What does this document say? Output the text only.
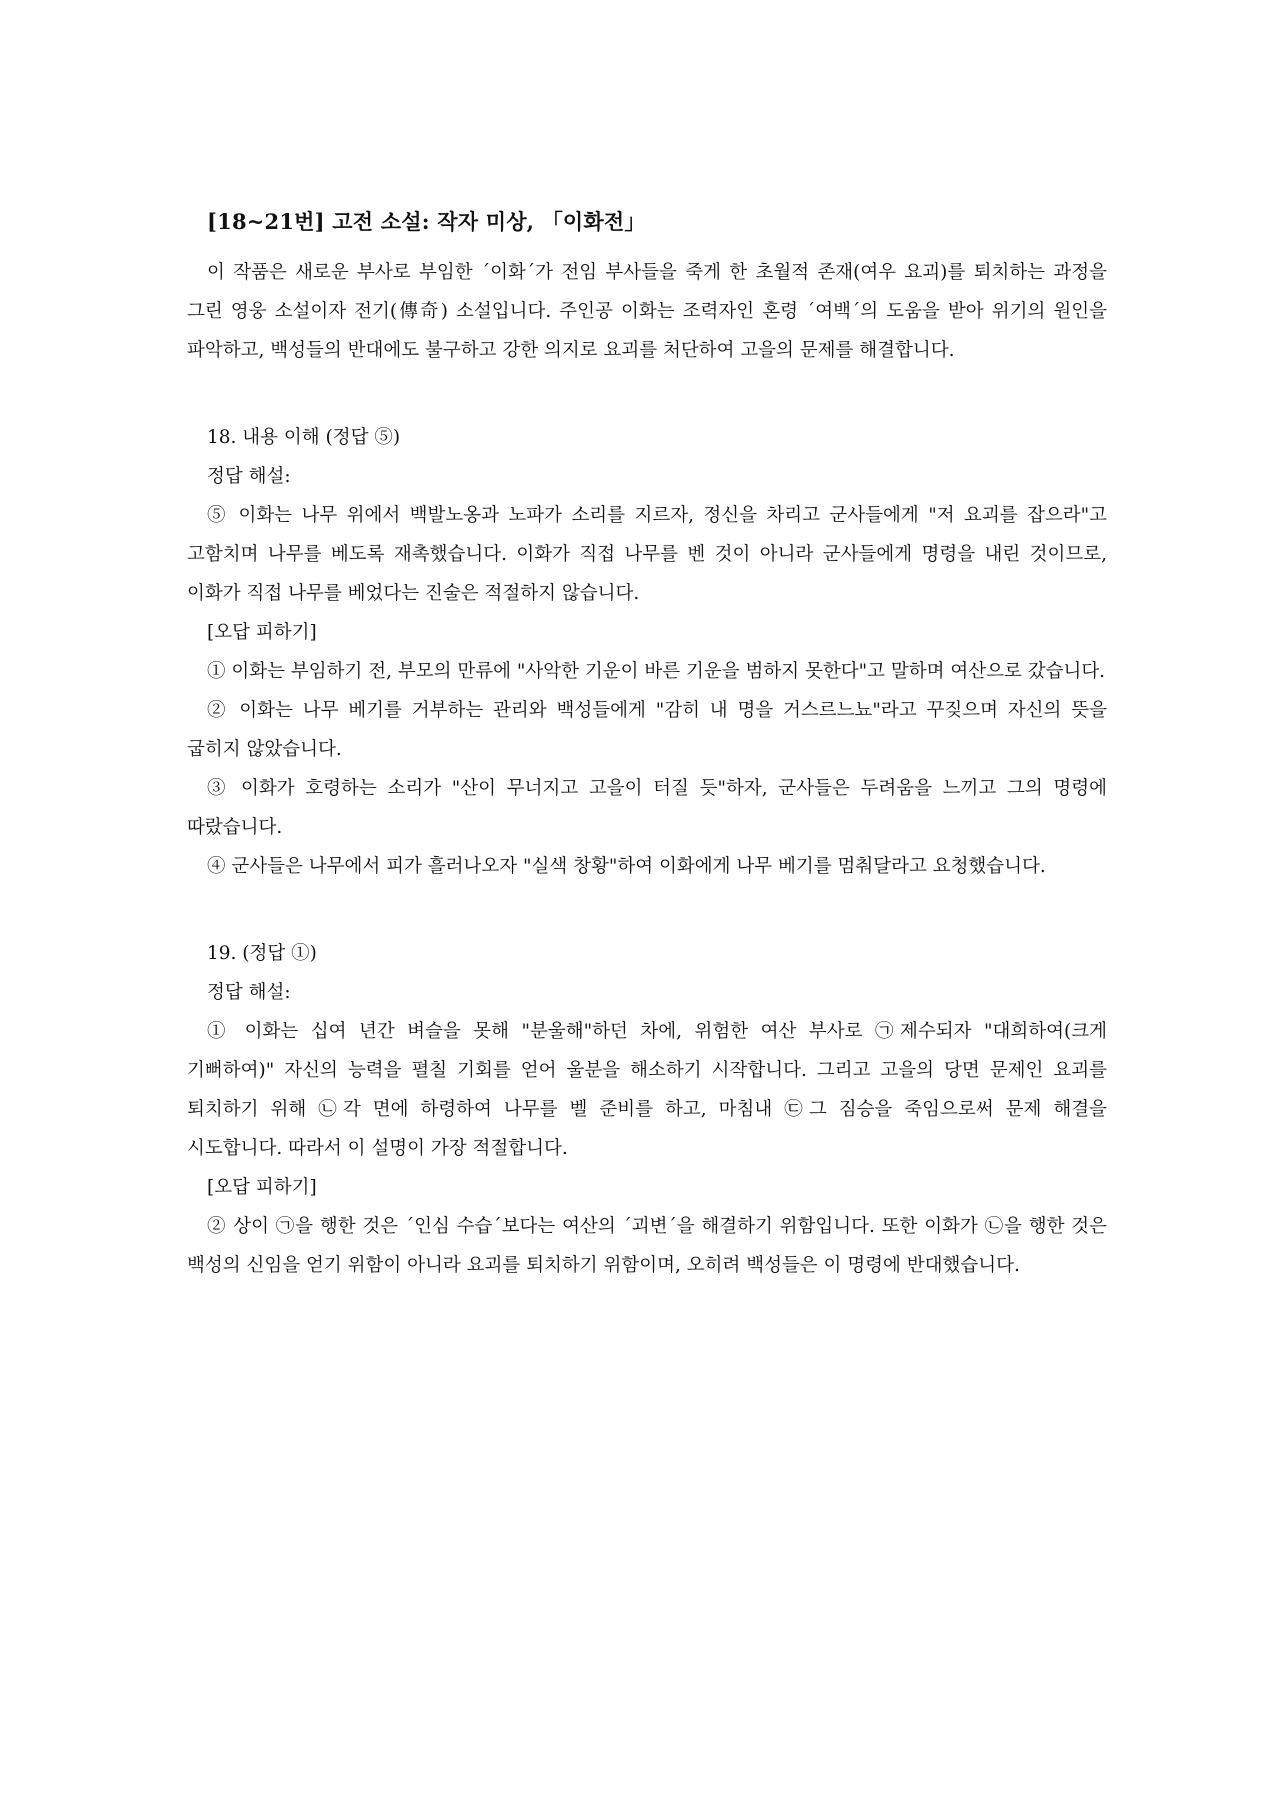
[18~21번] 고전 소설: 작자 미상, 「이화전」

이 작품은 새로운 부사로 부임한 ´이화´가 전임 부사들을 죽게 한 초월적 존재(여우 요괴)를 퇴치하는 과정을 그린 영웅 소설이자 전기(傳奇) 소설입니다. 주인공 이화는 조력자인 혼령 ´여백´의 도움을 받아 위기의 원인을 파악하고, 백성들의 반대에도 불구하고 강한 의지로 요괴를 처단하여 고을의 문제를 해결합니다.

18. 내용 이해 (정답 ⑤)
정답 해설:

⑤ 이화는 나무 위에서 백발노옹과 노파가 소리를 지르자, 정신을 차리고 군사들에게 "저 요괴를 잡으라"고 고함치며 나무를 베도록 재촉했습니다. 이화가 직접 나무를 벤 것이 아니라 군사들에게 명령을 내린 것이므로, 이화가 직접 나무를 베었다는 진술은 적절하지 않습니다.

[오답 피하기]

① 이화는 부임하기 전, 부모의 만류에 "사악한 기운이 바른 기운을 범하지 못한다"고 말하며 여산으로 갔습니다.

② 이화는 나무 베기를 거부하는 관리와 백성들에게 "감히 내 명을 거스르느뇨"라고 꾸짖으며 자신의 뜻을 굽히지 않았습니다.

③ 이화가 호령하는 소리가 "산이 무너지고 고을이 터질 듯"하자, 군사들은 두려움을 느끼고 그의 명령에 따랐습니다.

④ 군사들은 나무에서 피가 흘러나오자 "실색 창황"하여 이화에게 나무 베기를 멈춰달라고 요청했습니다.

19. (정답 ①)
정답 해설:

① 이화는 십여 년간 벼슬을 못해 "분울해"하던 차에, 위험한 여산 부사로 ㉠제수되자 "대희하여(크게 기뻐하여)" 자신의 능력을 펼칠 기회를 얻어 울분을 해소하기 시작합니다. 그리고 고을의 당면 문제인 요괴를 퇴치하기 위해 ㉡각 면에 하령하여 나무를 벨 준비를 하고, 마침내 ㉢그 짐승을 죽임으로써 문제 해결을 시도합니다. 따라서 이 설명이 가장 적절합니다.

[오답 피하기]

② 상이 ㉠을 행한 것은 ´인심 수습´보다는 여산의 ´괴변´을 해결하기 위함입니다. 또한 이화가 ㉡을 행한 것은 백성의 신임을 얻기 위함이 아니라 요괴를 퇴치하기 위함이며, 오히려 백성들은 이 명령에 반대했습니다.
